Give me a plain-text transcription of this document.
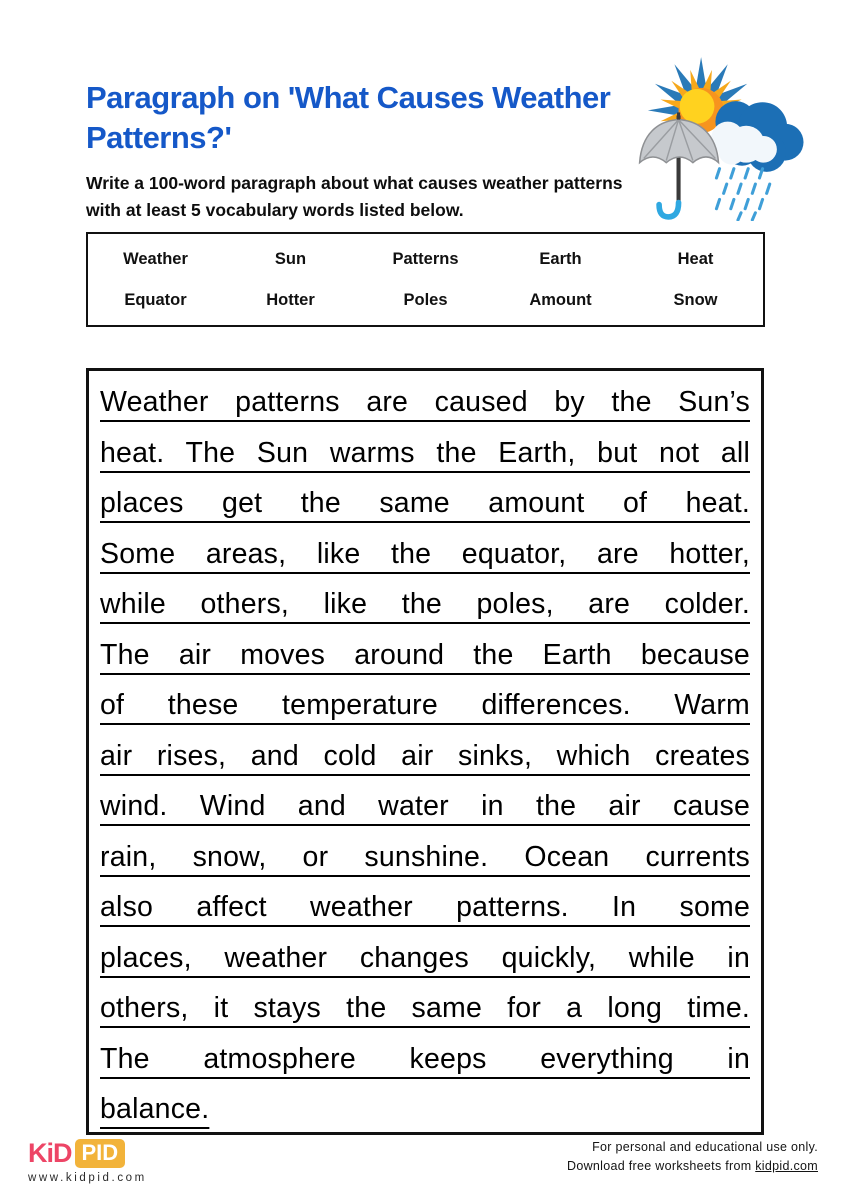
Paragraph on 'What Causes Weather Patterns?'

Write a 100-word paragraph about what causes weather patterns with at least 5 vocabulary words listed below.

Weather	Sun	Patterns	Earth	Heat
Equator	Hotter	Poles	Amount	Snow
Weather patterns are caused by the Sun’s
heat. The Sun warms the Earth, but not all
places get the same amount of heat.
Some areas, like the equator, are hotter,
while others, like the poles, are colder.
The air moves around the Earth because
of these temperature differences. Warm
air rises, and cold air sinks, which creates
wind. Wind and water in the air cause
rain, snow, or sunshine. Ocean currents
also affect weather patterns. In some
places, weather changes quickly, while in
others, it stays the same for a long time.
The atmosphere keeps everything in
balance.
KiD PID
www.kidpid.com
For personal and educational use only.
Download free worksheets from kidpid.com
